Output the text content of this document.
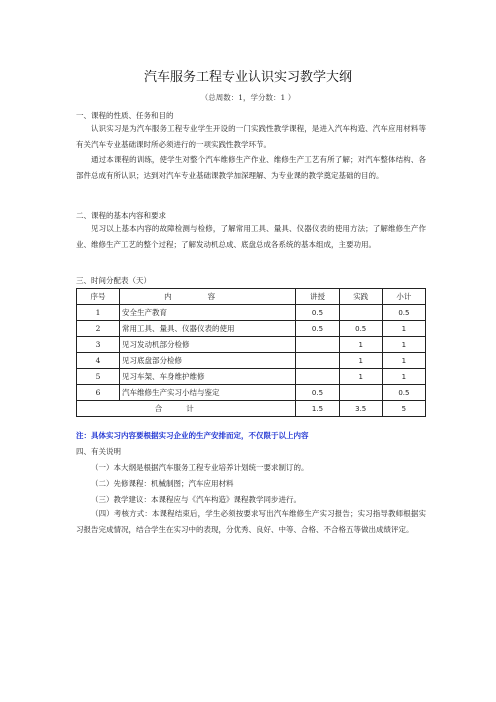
汽车服务工程专业认识实习教学大纲
（总周数：1，学分数：1 ）
一、课程的性质、任务和目的

认识实习是为汽车服务工程专业学生开设的一门实践性教学课程，是进入汽车构造、汽车应用材料等有关汽车专业基础课时所必须进行的一项实践性教学环节。

通过本课程的训练，使学生对整个汽车维修生产作业、维修生产工艺有所了解；对汽车整体结构、各部件总成有所认识；达到对汽车专业基础课教学加深理解、为专业课的教学奠定基础的目的。

二、课程的基本内容和要求

见习以上基本内容的故障检测与检修，了解常用工具、量具、仪器仪表的使用方法；了解维修生产作业、维修生产工艺的整个过程；了解发动机总成、底盘总成各系统的基本组成，主要功用。

三、时间分配表（天）
序号	内容	讲授	实践	小计
1	安全生产教育	0.5		0.5
2	常用工具、量具、仪器仪表的使用	0.5	0.5	1
3	见习发动机部分检修		1	1
4	见习底盘部分检修		1	1
5	见习车架、车身维护维修		1	1
6	汽车维修生产实习小结与鉴定	0.5		0.5
合计		1.5	3.5	5
注：具体实习内容要根据实习企业的生产安排而定，不仅限于以上内容
四、有关说明
（一）本大纲是根据汽车服务工程专业培养计划统一要求制订的。
（二）先修课程：机械制图；汽车应用材料
（三）教学建议：本课程应与《汽车构造》课程教学同步进行。

（四）考核方式：本课程结束后，学生必须按要求写出汽车维修生产实习报告；实习指导教师根据实习报告完成情况，结合学生在实习中的表现，分优秀、良好、中等、合格、不合格五等做出成绩评定。
